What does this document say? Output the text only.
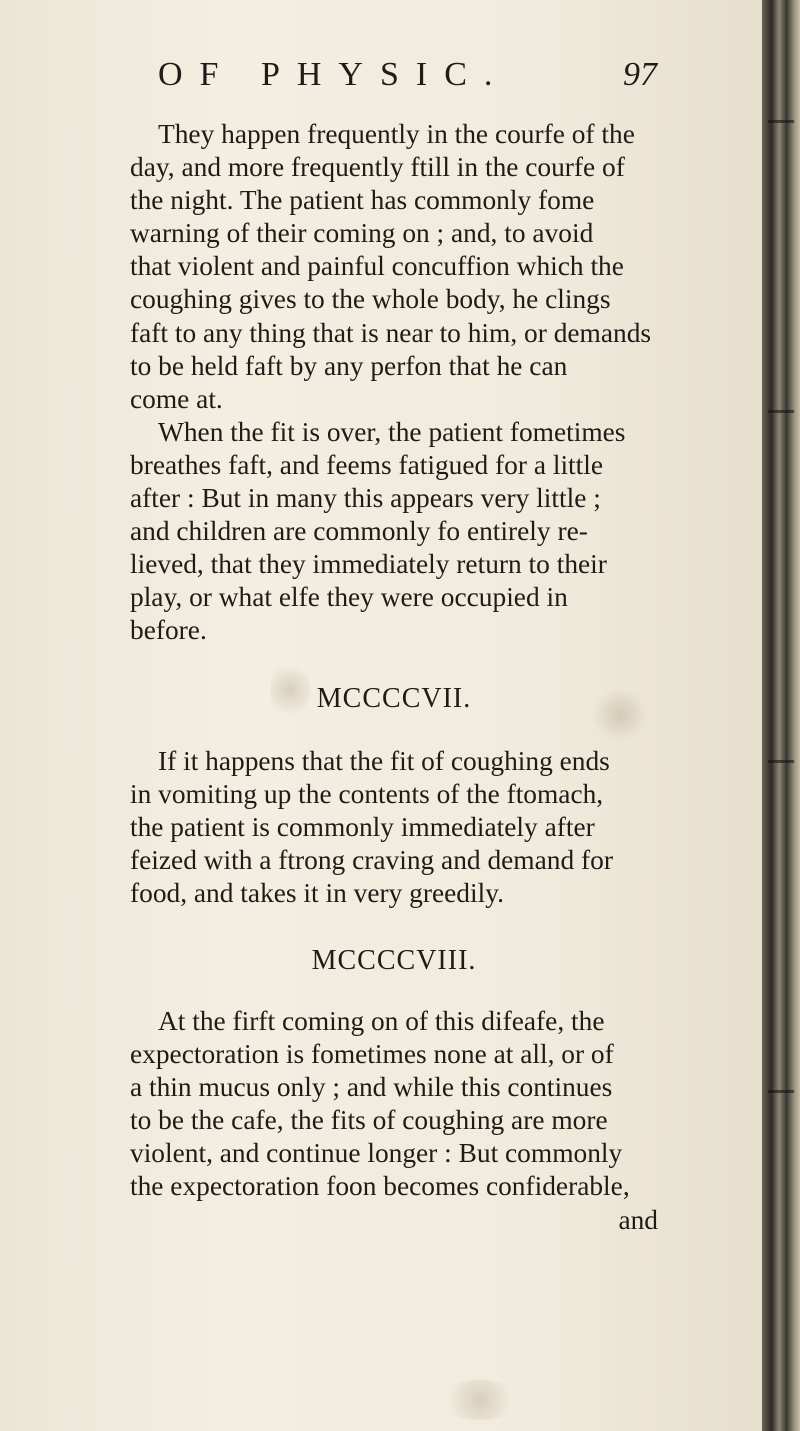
OF PHYSIC.	97

They happen frequently in the courfe of the

day, and more frequently ftill in the courfe of

the night. The patient has commonly fome

warning of their coming on ; and, to avoid

that violent and painful concuffion which the

coughing gives to the whole body, he clings

faft to any thing that is near to him, or demands

to be held faft by any perfon that he can

come at.

When the fit is over, the patient fometimes

breathes faft, and feems fatigued for a little

after : But in many this appears very little ;

and children are commonly fo entirely re-

lieved, that they immediately return to their

play, or what elfe they were occupied in

before.

MCCCCVII.

If it happens that the fit of coughing ends

in vomiting up the contents of the ftomach,

the patient is commonly immediately after

feized with a ftrong craving and demand for

food, and takes it in very greedily.

MCCCCVIII.

At the firft coming on of this difeafe, the

expectoration is fometimes none at all, or of

a thin mucus only ; and while this continues

to be the cafe, the fits of coughing are more

violent, and continue longer : But commonly

the expectoration foon becomes confiderable,

and
